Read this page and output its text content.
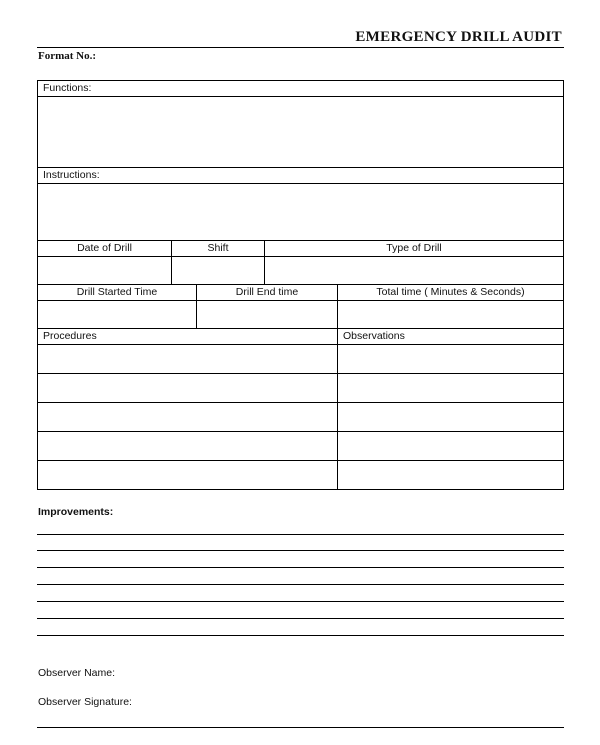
EMERGENCY DRILL AUDIT
Format No.:
Functions:
Instructions:
Date of Drill	Shift	Type of Drill
Drill Started Time	Drill End time	Total time ( Minutes & Seconds)
Procedures	Observations
Improvements:
Observer Name:
Observer Signature:
